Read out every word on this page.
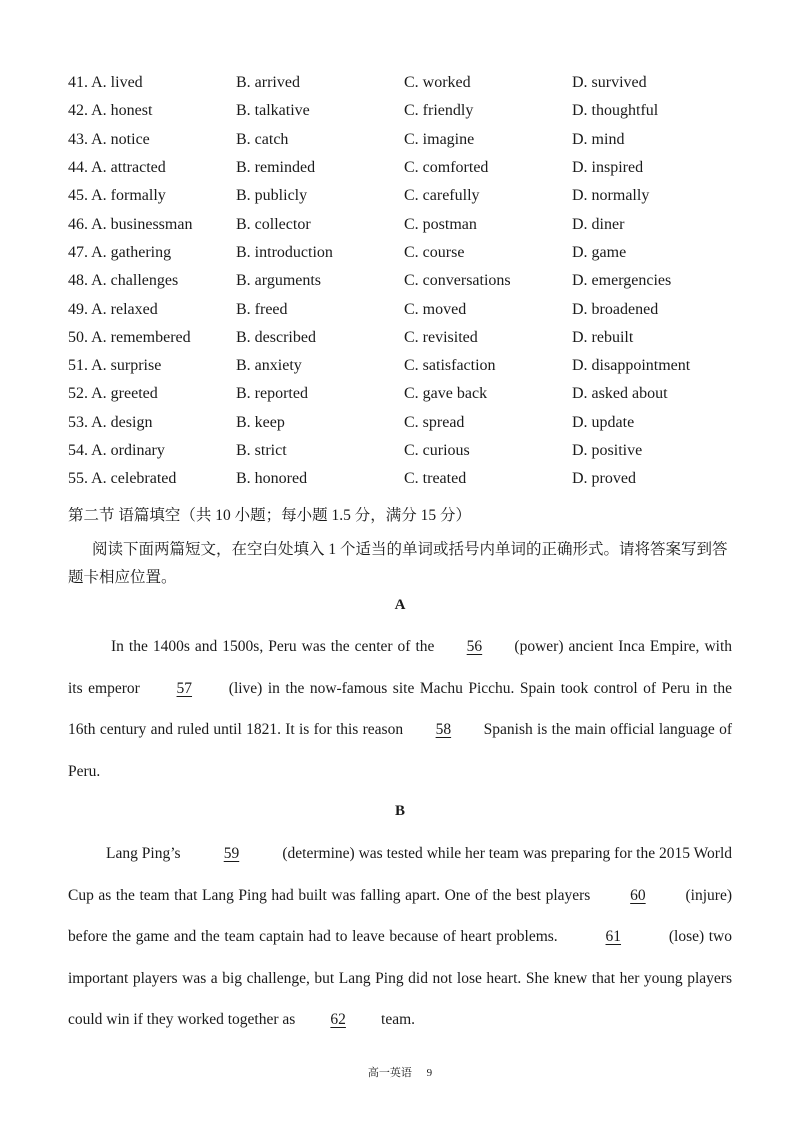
41. A. lived	B. arrived	C. worked	D. survived
42. A. honest	B. talkative	C. friendly	D. thoughtful
43. A. notice	B. catch	C. imagine	D. mind
44. A. attracted	B. reminded	C. comforted	D. inspired
45. A. formally	B. publicly	C. carefully	D. normally
46. A. businessman	B. collector	C. postman	D. diner
47. A. gathering	B. introduction	C. course	D. game
48. A. challenges	B. arguments	C. conversations	D. emergencies
49. A. relaxed	B. freed	C. moved	D. broadened
50. A. remembered	B. described	C. revisited	D. rebuilt
51. A. surprise	B. anxiety	C. satisfaction	D. disappointment
52. A. greeted	B. reported	C. gave back	D. asked about
53. A. design	B. keep	C. spread	D. update
54. A. ordinary	B. strict	C. curious	D. positive
55. A. celebrated	B. honored	C. treated	D. proved
第二节 语篇填空（共 10 小题；每小题 1.5 分，满分 15 分）
阅读下面两篇短文，在空白处填入 1 个适当的单词或括号内单词的正确形式。请将答案写到答题卡相应位置。
A
In the 1400s and 1500s, Peru was the center of the 56 (power) ancient Inca Empire, with its emperor 57 (live) in the now-famous site Machu Picchu. Spain took control of Peru in the 16th century and ruled until 1821. It is for this reason 58 Spanish is the main official language of Peru.
B
Lang Ping’s	59	(determine) was tested while her team was preparing for the 2015 World Cup as the team that Lang Ping had built was falling apart. One of the best players 60 (injure) before the game and the team captain had to leave because of heart problems.	61	(lose) two important players was a big challenge, but Lang Ping did not lose heart. She knew that her young players could win if they worked together as 62 team.
高一英语 9
